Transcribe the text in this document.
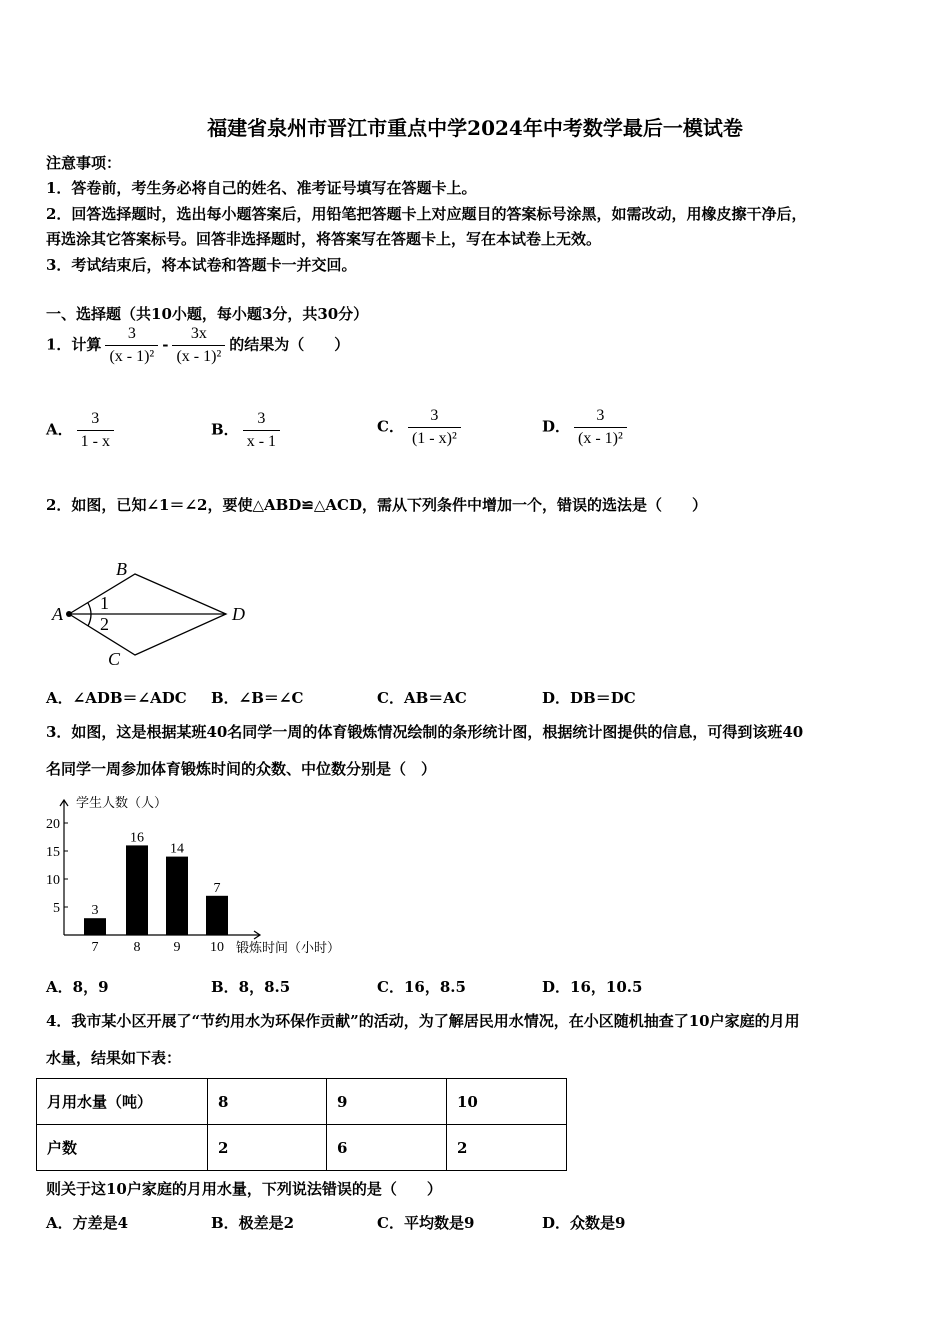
福建省泉州市晋江市重点中学2024年中考数学最后一模试卷
注意事项：
1．答卷前，考生务必将自己的姓名、准考证号填写在答题卡上。
2．回答选择题时，选出每小题答案后，用铅笔把答题卡上对应题目的答案标号涂黑，如需改动，用橡皮擦干净后，
再选涂其它答案标号。回答非选择题时，将答案写在答题卡上，写在本试卷上无效。
3．考试结束后，将本试卷和答题卡一并交回。
一、选择题（共10小题，每小题3分，共30分）
1．计算 $\frac{3}{\text{(x - 1)²}} - \frac{3x}{\text{(x - 1)²}}$ 的结果为（　　）
A． $\frac{3}{1 - x}$	B． $\frac{3}{x - 1}$	C． $\frac{3}{\text{(1 - x)²}}$	D． $\frac{3}{\text{(x - 1)²}}$
2．如图，已知∠1＝∠2，要使△ABD≌△ACD，需从下列条件中增加一个，错误的选法是（　　）
A
B
C
D
1
2
A．∠ADB＝∠ADC B．∠B＝∠C	C．AB＝AC	D．DB＝DC
3．如图，这是根据某班40名同学一周的体育锻炼情况绘制的条形统计图，根据统计图提供的信息，可得到该班40
名同学一周参加体育锻炼时间的众数、中位数分别是（　）
学生人数（人）
锻炼时间（小时）
5
10
15
20
3
7
16
8
14
9
7
10
A．8，9	B．8，8.5	C．16，8.5	D．16，10.5
4．我市某小区开展了“节约用水为环保作贡献”的活动，为了解居民用水情况，在小区随机抽查了10户家庭的月用
水量，结果如下表：
月用水量（吨）	8	9	10
户数	2	6	2
则关于这10户家庭的月用水量，下列说法错误的是（　　）
A．方差是4	B．极差是2	C．平均数是9	D．众数是9
